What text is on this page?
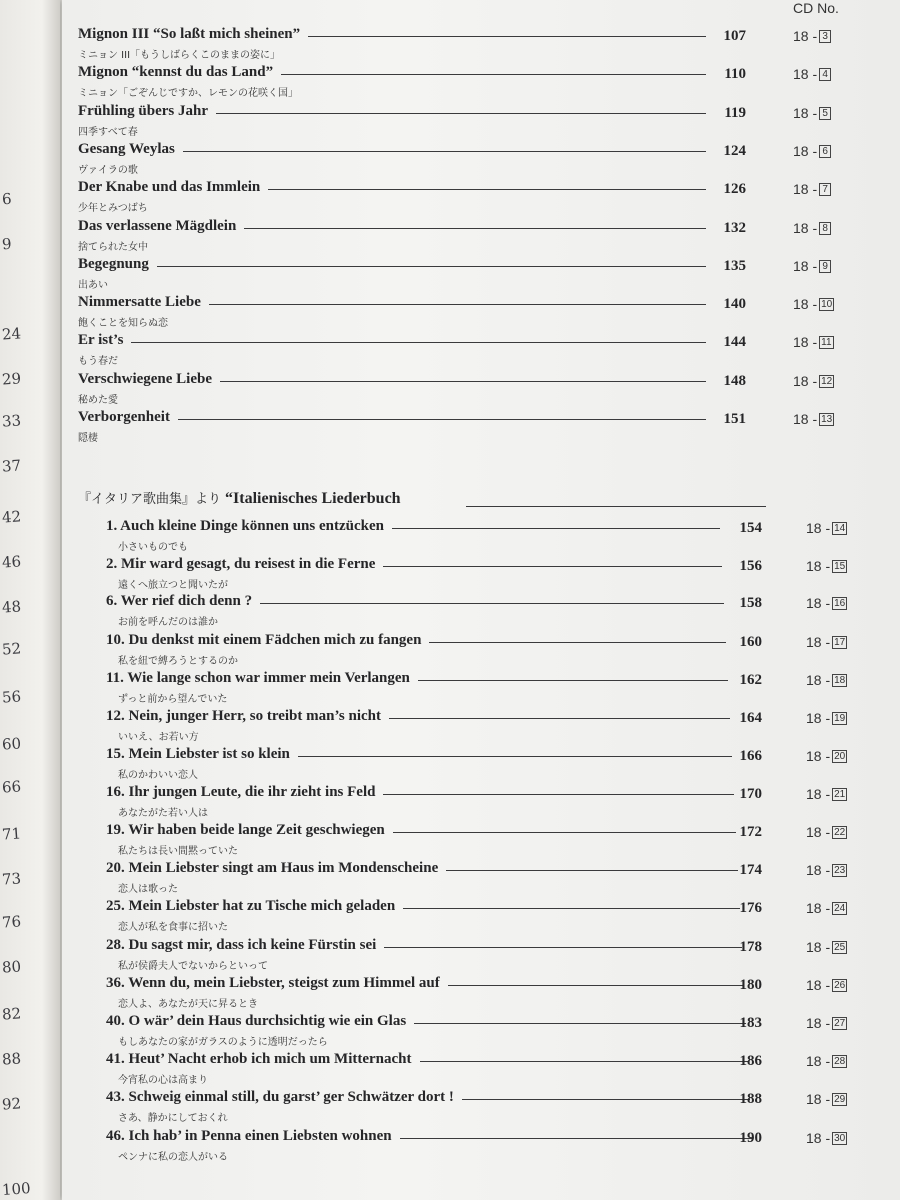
CD No.
『イタリア歌曲集』より “Italienisches Liederbuch
6
9
24
29
33
37
42
46
48
52
56
60
66
71
73
76
80
82
88
92
100
Mignon III “So laßt mich sheinen”
ミニョン III「もうしばらくこのままの姿に」
107	18 - 3
Mignon “kennst du das Land”
ミニョン「ごぞんじですか、レモンの花咲く国」
110	18 - 4
Frühling übers Jahr
四季すべて春
119	18 - 5
Gesang Weylas
ヴァイラの歌
124	18 - 6
Der Knabe und das Immlein
少年とみつばち
126	18 - 7
Das verlassene Mägdlein
捨てられた女中
132	18 - 8
Begegnung
出あい
135	18 - 9
Nimmersatte Liebe
飽くことを知らぬ恋
140	18 - 10
Er ist’s
もう春だ
144	18 - 11
Verschwiegene Liebe
秘めた愛
148	18 - 12
Verborgenheit
隠棲
151	18 - 13
1. Auch kleine Dinge können uns entzücken
小さいものでも
154	18 - 14
2. Mir ward gesagt, du reisest in die Ferne
遠くへ旅立つと聞いたが
156	18 - 15
6. Wer rief dich denn ?
お前を呼んだのは誰か
158	18 - 16
10. Du denkst mit einem Fädchen mich zu fangen
私を紐で縛ろうとするのか
160	18 - 17
11. Wie lange schon war immer mein Verlangen
ずっと前から望んでいた
162	18 - 18
12. Nein, junger Herr, so treibt man’s nicht
いいえ、お若い方
164	18 - 19
15. Mein Liebster ist so klein
私のかわいい恋人
166	18 - 20
16. Ihr jungen Leute, die ihr zieht ins Feld
あなたがた若い人は
170	18 - 21
19. Wir haben beide lange Zeit geschwiegen
私たちは長い間黙っていた
172	18 - 22
20. Mein Liebster singt am Haus im Mondenscheine
恋人は歌った
174	18 - 23
25. Mein Liebster hat zu Tische mich geladen
恋人が私を食事に招いた
176	18 - 24
28. Du sagst mir, dass ich keine Fürstin sei
私が侯爵夫人でないからといって
178	18 - 25
36. Wenn du, mein Liebster, steigst zum Himmel auf
恋人よ、あなたが天に昇るとき
180	18 - 26
40. O wär’ dein Haus durchsichtig wie ein Glas
もしあなたの家がガラスのように透明だったら
183	18 - 27
41. Heut’ Nacht erhob ich mich um Mitternacht
今宵私の心は高まり
186	18 - 28
43. Schweig einmal still, du garst’ ger Schwätzer dort !
さあ、静かにしておくれ
188	18 - 29
46. Ich hab’ in Penna einen Liebsten wohnen
ペンナに私の恋人がいる
190	18 - 30
